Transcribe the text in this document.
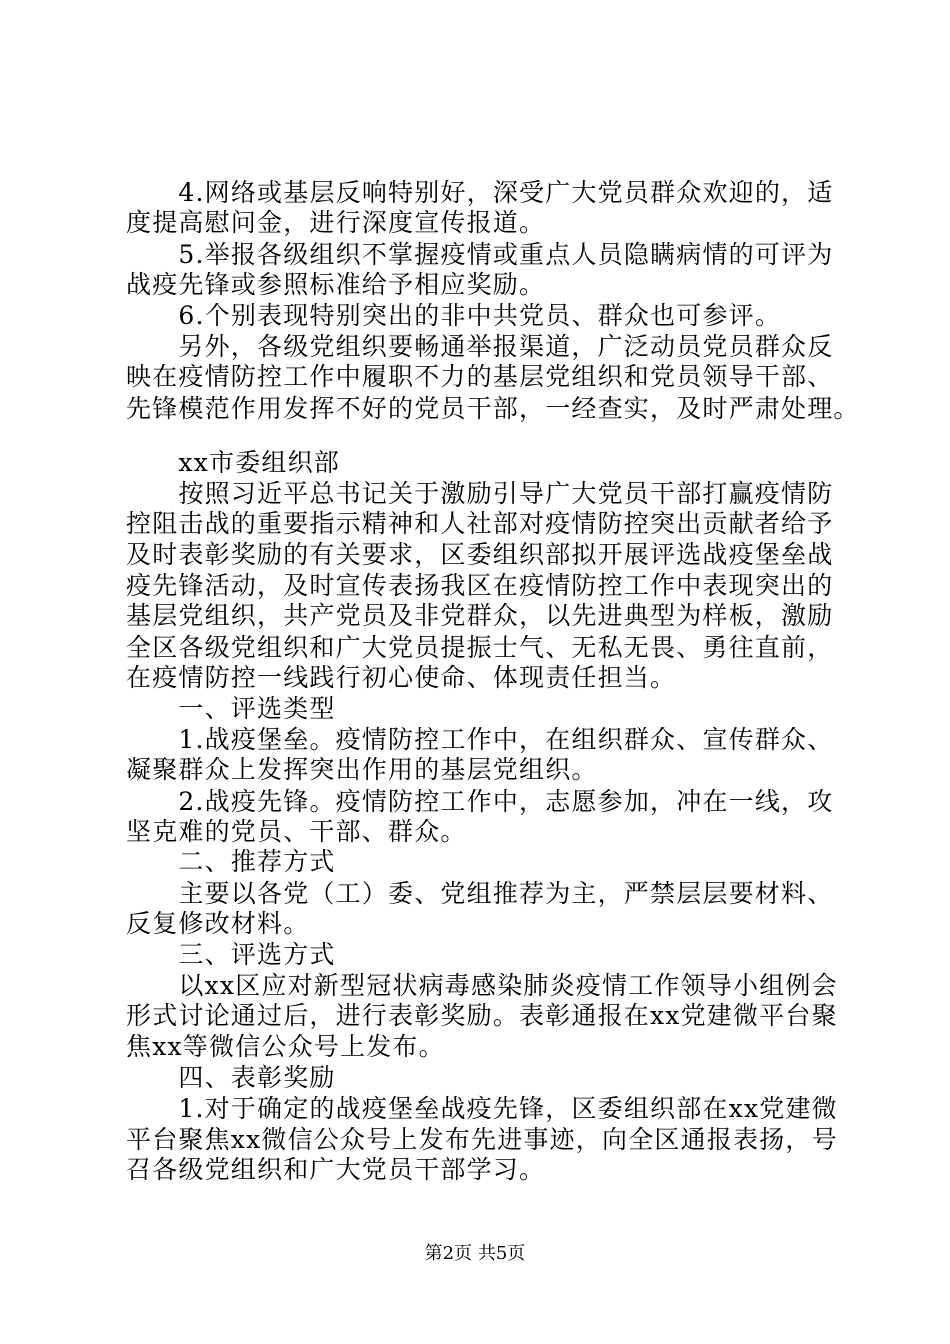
　　4.网络或基层反响特别好，深受广大党员群众欢迎的，适
度提高慰问金，进行深度宣传报道。
　　5.举报各级组织不掌握疫情或重点人员隐瞒病情的可评为
战疫先锋或参照标准给予相应奖励。
　　6.个别表现特别突出的非中共党员、群众也可参评。
　　另外，各级党组织要畅通举报渠道，广泛动员党员群众反
映在疫情防控工作中履职不力的基层党组织和党员领导干部、
先锋模范作用发挥不好的党员干部，一经查实，及时严肃处理。
　　xx市委组织部
　　按照习近平总书记关于激励引导广大党员干部打赢疫情防
控阻击战的重要指示精神和人社部对疫情防控突出贡献者给予
及时表彰奖励的有关要求，区委组织部拟开展评选战疫堡垒战
疫先锋活动，及时宣传表扬我区在疫情防控工作中表现突出的
基层党组织，共产党员及非党群众，以先进典型为样板，激励
全区各级党组织和广大党员提振士气、无私无畏、勇往直前，
在疫情防控一线践行初心使命、体现责任担当。
　　一、评选类型
　　1.战疫堡垒。疫情防控工作中，在组织群众、宣传群众、
凝聚群众上发挥突出作用的基层党组织。
　　2.战疫先锋。疫情防控工作中，志愿参加，冲在一线，攻
坚克难的党员、干部、群众。
　　二、推荐方式
　　主要以各党（工）委、党组推荐为主，严禁层层要材料、
反复修改材料。
　　三、评选方式
　　以xx区应对新型冠状病毒感染肺炎疫情工作领导小组例会
形式讨论通过后，进行表彰奖励。表彰通报在xx党建微平台聚
焦xx等微信公众号上发布。
　　四、表彰奖励
　　1.对于确定的战疫堡垒战疫先锋，区委组织部在xx党建微
平台聚焦xx微信公众号上发布先进事迹，向全区通报表扬，号
召各级党组织和广大党员干部学习。
第2页 共5页
